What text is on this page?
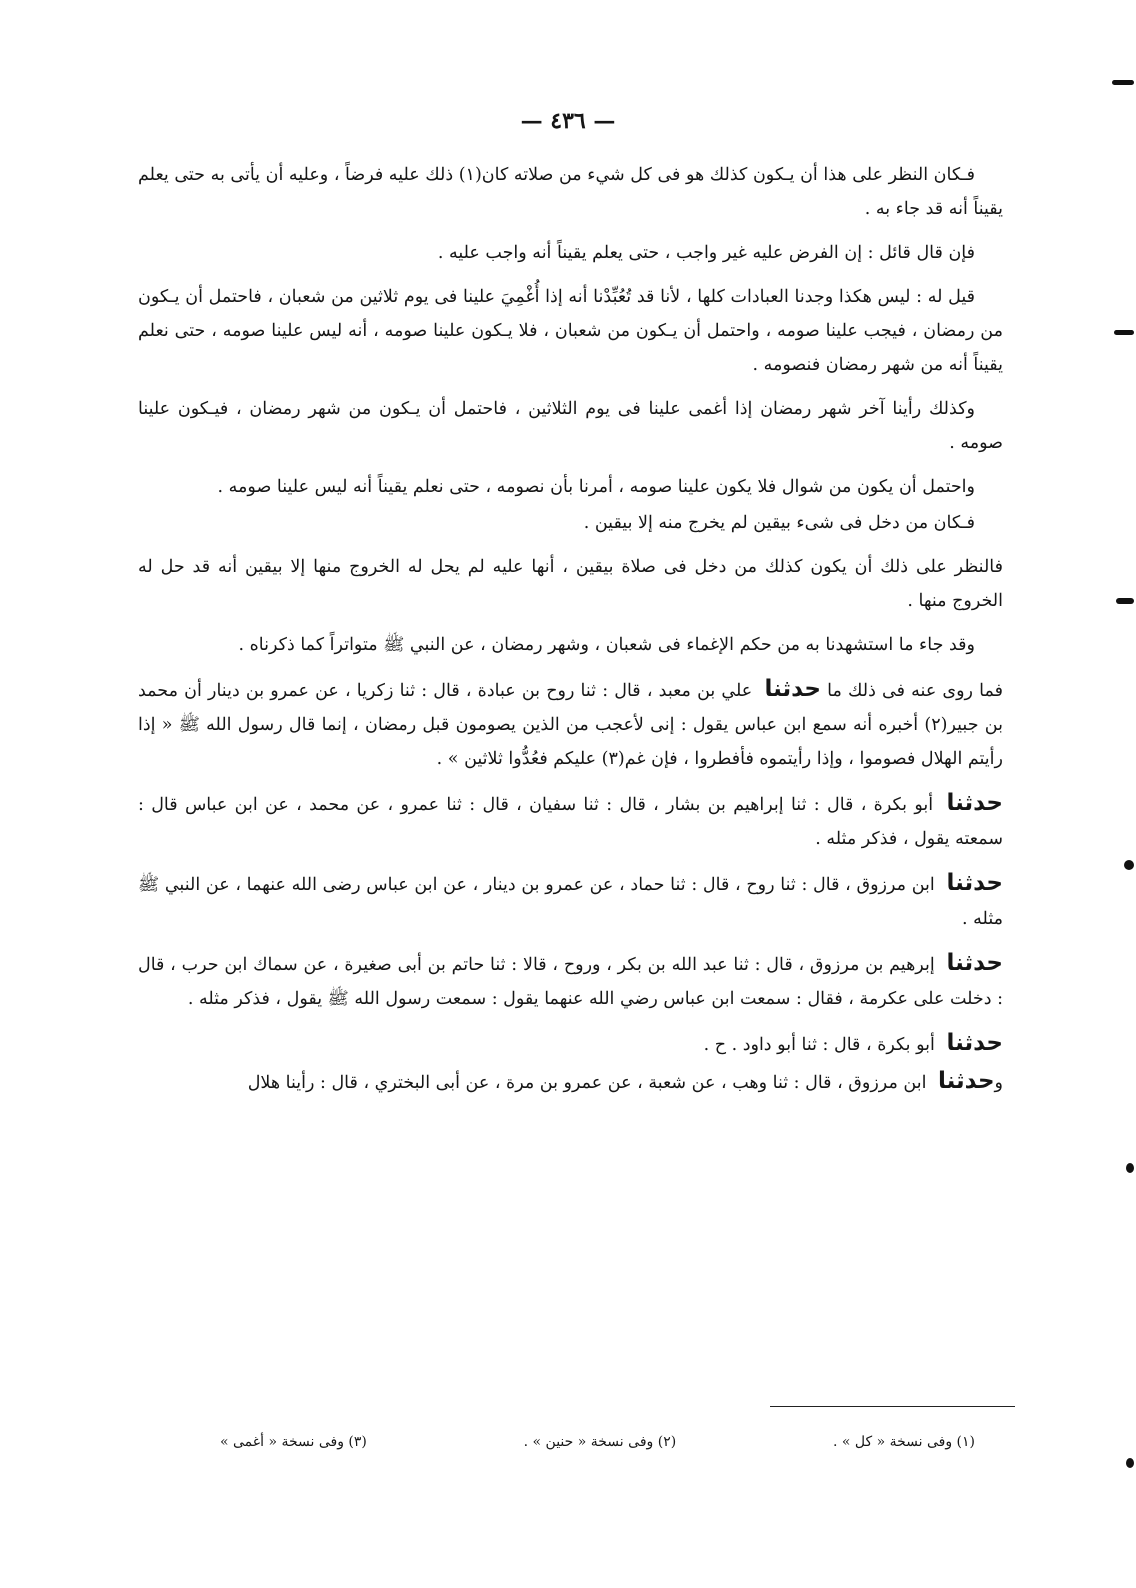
— ٤٣٦ —

فـكان النظر على هذا أن يـكون كذلك هو فى كل شيء من صلاته كان(١) ذلك عليه فرضاً ، وعليه أن يأتى به حتى يعلم يقيناً أنه قد جاء به .

فإن قال قائل : إن الفرض عليه غير واجب ، حتى يعلم يقيناً أنه واجب عليه .

قيل له : ليس هكذا وجدنا العبادات كلها ، لأنا قد تُعُبِّدْنا أنه إذا أُغْمِيَ علينا فى يوم ثلاثين من شعبان ، فاحتمل أن يـكون من رمضان ، فيجب علينا صومه ، واحتمل أن يـكون من شعبان ، فلا يـكون علينا صومه ، أنه ليس علينا صومه ، حتى نعلم يقيناً أنه من شهر رمضان فنصومه .

وكذلك رأينا آخر شهر رمضان إذا أغمى علينا فى يوم الثلاثين ، فاحتمل أن يـكون من شهر رمضان ، فيـكون علينا صومه .

واحتمل أن يكون من شوال فلا يكون علينا صومه ، أمرنا بأن نصومه ، حتى نعلم يقيناً أنه ليس علينا صومه .

فـكان من دخل فى شىء بيقين لم يخرج منه إلا بيقين .

فالنظر على ذلك أن يكون كذلك من دخل فى صلاة بيقين ، أنها عليه لم يحل له الخروج منها إلا بيقين أنه قد حل له الخروج منها .

وقد جاء ما استشهدنا به من حكم الإغماء فى شعبان ، وشهر رمضان ، عن النبي ﷺ متواتراً كما ذكرناه .

فما روى عنه فى ذلك ما حدثنا علي بن معبد ، قال : ثنا روح بن عبادة ، قال : ثنا زكريا ، عن عمرو بن دينار أن محمد بن جبير(٢) أخبره أنه سمع ابن عباس يقول : إنى لأعجب من الذين يصومون قبل رمضان ، إنما قال رسول الله ﷺ « إذا رأيتم الهلال فصوموا ، وإذا رأيتموه فأفطروا ، فإن غم(٣) عليكم فعُدُّوا ثلاثين » .

حدثنا أبو بكرة ، قال : ثنا إبراهيم بن بشار ، قال : ثنا سفيان ، قال : ثنا عمرو ، عن محمد ، عن ابن عباس قال : سمعته يقول ، فذكر مثله .

حدثنا ابن مرزوق ، قال : ثنا روح ، قال : ثنا حماد ، عن عمرو بن دينار ، عن ابن عباس رضى الله عنهما ، عن النبي ﷺ مثله .

حدثنا إبرهيم بن مرزوق ، قال : ثنا عبد الله بن بكر ، وروح ، قالا : ثنا حاتم بن أبى صغيرة ، عن سماك ابن حرب ، قال : دخلت على عكرمة ، فقال : سمعت ابن عباس رضي الله عنهما يقول : سمعت رسول الله ﷺ يقول ، فذكر مثله .

حدثنا أبو بكرة ، قال : ثنا أبو داود . ح .

وحدثنا ابن مرزوق ، قال : ثنا وهب ، عن شعبة ، عن عمرو بن مرة ، عن أبى البختري ، قال : رأينا هلال

(١) وفى نسخة « كل » .
(٢) وفى نسخة « حنين » .
(٣) وفى نسخة « أغمى »
